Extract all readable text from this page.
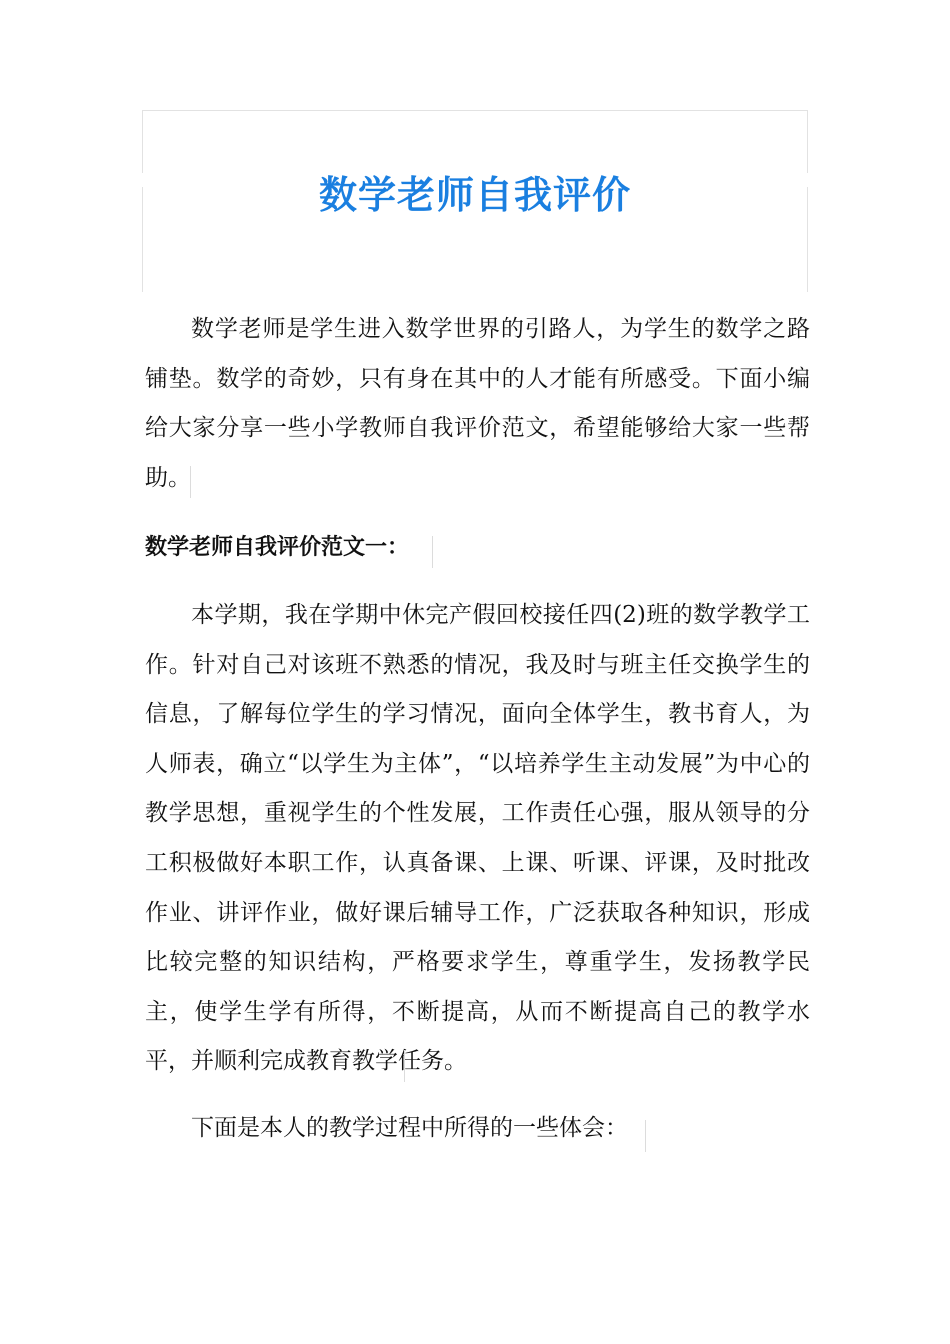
数学老师自我评价

数学老师是学生进入数学世界的引路人，为学生的数学之路铺垫。数学的奇妙，只有身在其中的人才能有所感受。下面小编给大家分享一些小学教师自我评价范文，希望能够给大家一些帮助。

数学老师自我评价范文一：

本学期，我在学期中休完产假回校接任四(2)班的数学教学工作。针对自己对该班不熟悉的情况，我及时与班主任交换学生的信息，了解每位学生的学习情况，面向全体学生，教书育人，为人师表，确立“以学生为主体”，“以培养学生主动发展”为中心的教学思想，重视学生的个性发展，工作责任心强，服从领导的分工积极做好本职工作，认真备课、上课、听课、评课，及时批改作业、讲评作业，做好课后辅导工作，广泛获取各种知识，形成比较完整的知识结构，严格要求学生，尊重学生，发扬教学民主，使学生学有所得，不断提高，从而不断提高自己的教学水平，并顺利完成教育教学任务。

下面是本人的教学过程中所得的一些体会：
